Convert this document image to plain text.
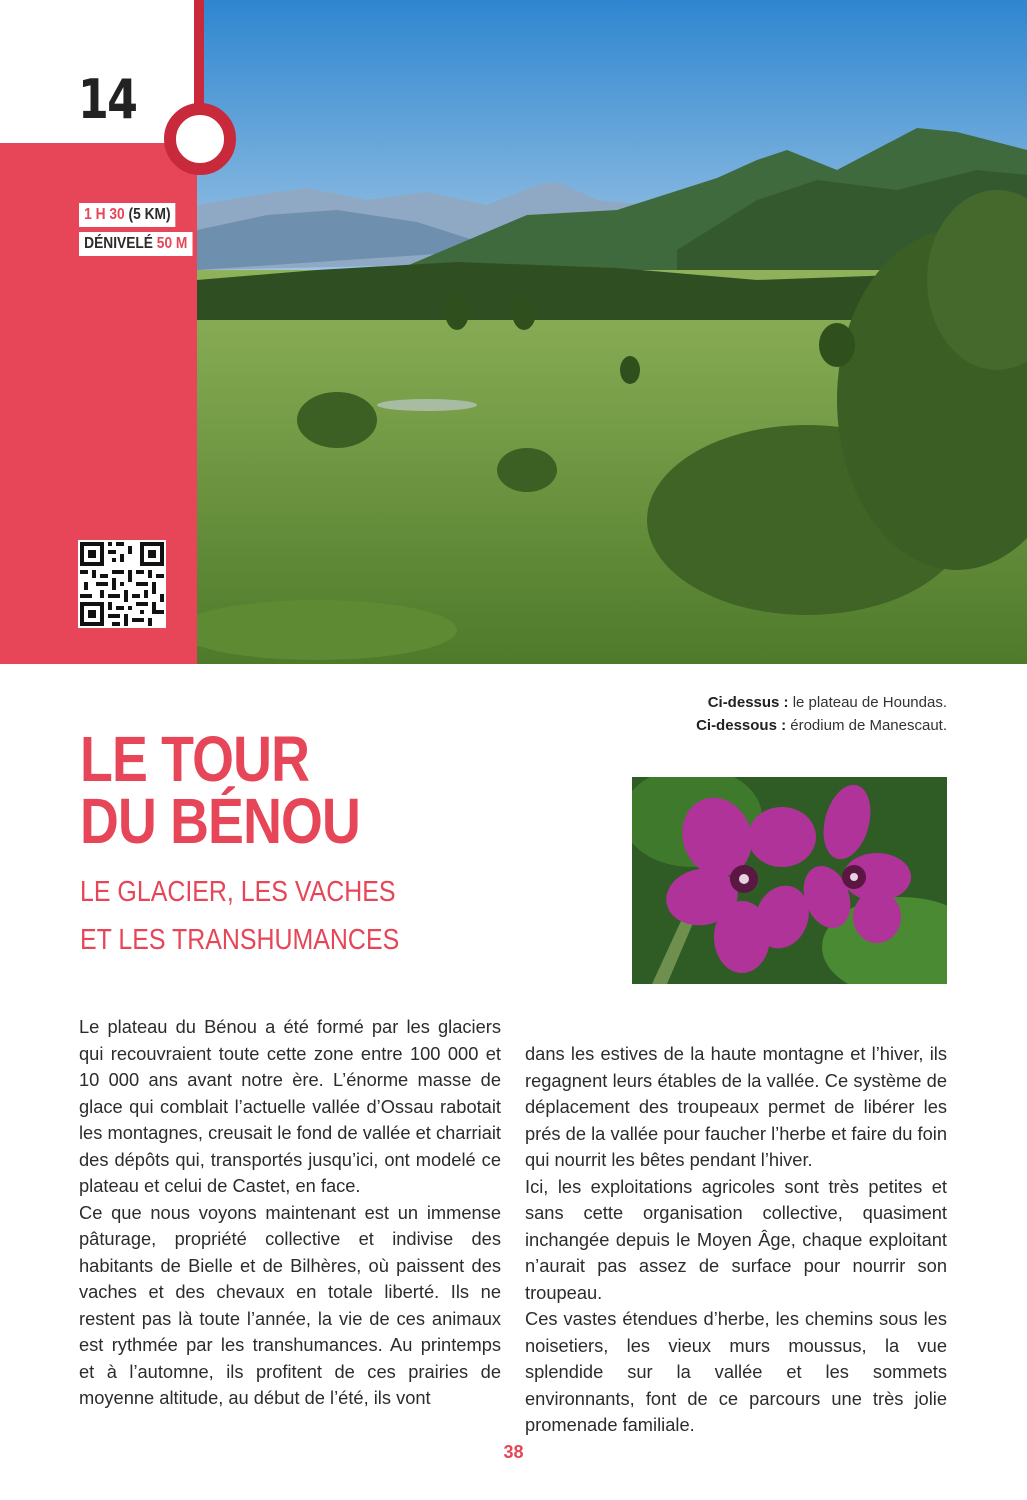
14
1 H 30 (5 KM)
DÉNIVELÉ 50 M
Ci-dessus : le plateau de Houndas.
Ci-dessous : érodium de Manescaut.
LE TOUR
DU BÉNOU
LE GLACIER, LES VACHES
ET LES TRANSHUMANCES

Le plateau du Bénou a été formé par les glaciers qui recouvraient toute cette zone entre 100 000 et 10 000 ans avant notre ère. L’énorme masse de glace qui comblait l’actuelle vallée d’Ossau rabotait les montagnes, creusait le fond de vallée et charriait des dépôts qui, transportés jusqu’ici, ont modelé ce plateau et celui de Castet, en face.

Ce que nous voyons maintenant est un immense pâturage, propriété collective et indivise des habitants de Bielle et de Bilhères, où paissent des vaches et des chevaux en totale liberté. Ils ne restent pas là toute l’année, la vie de ces animaux est rythmée par les transhumances. Au printemps et à l’automne, ils profitent de ces prairies de moyenne altitude, au début de l’été, ils vont

dans les estives de la haute montagne et l’hiver, ils regagnent leurs étables de la vallée. Ce système de déplacement des troupeaux permet de libérer les prés de la vallée pour faucher l’herbe et faire du foin qui nourrit les bêtes pendant l’hiver.

Ici, les exploitations agricoles sont très petites et sans cette organisation collective, quasiment inchangée depuis le Moyen Âge, chaque exploitant n’aurait pas assez de surface pour nourrir son troupeau.

Ces vastes étendues d’herbe, les chemins sous les noisetiers, les vieux murs moussus, la vue splendide sur la vallée et les sommets environnants, font de ce parcours une très jolie promenade familiale.

38
